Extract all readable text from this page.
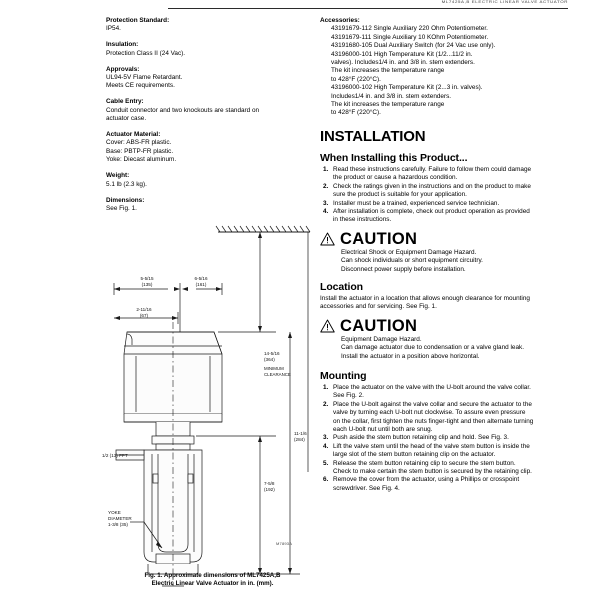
ML7425A,B ELECTRIC LINEAR VALVE ACTUATOR
Protection Standard:
IP54.
Insulation:
Protection Class II (24 Vac).
Approvals:
UL94-5V Flame Retardant.
Meets CE requirements.
Cable Entry:
Conduit connector and two knockouts are standard on
actuator case.
Actuator Material:
Cover: ABS-FR plastic.
Base: PBTP-FR plastic.
Yoke: Diecast aluminum.
Weight:
5.1 lb (2.3 kg).
Dimensions:
See Fig. 1.
Accessories:
43191679-112 Single Auxiliary 220 Ohm Potentiometer.
43191679-111 Single Auxiliary 10 KOhm Potentiometer.
43191680-105 Dual Auxiliary Switch (for 24 Vac use only).
43196000-101 High Temperature Kit (1/2...11/2 in.
valves). Includes1/4 in. and 3/8 in. stem extenders.
The kit increases the temperature range
to 428°F (220°C).
43196000-102 High Temperature Kit (2...3 in. valves).
Includes1/4 in. and 3/8 in. stem extenders.
The kit increases the temperature range
to 428°F (220°C).
INSTALLATION
When Installing this Product...
1. Read these instructions carefully. Failure to follow them could damage the product or cause a hazardous condition.
2. Check the ratings given in the instructions and on the product to make sure the product is suitable for your application.
3. Installer must be a trained, experienced service technician.
4. After installation is complete, check out product operation as provided in these instructions.
CAUTION
Electrical Shock or Equipment Damage Hazard.
Can shock individuals or short equipment circuitry.
Disconnect power supply before installation.
Location

Install the actuator in a location that allows enough clearance for mounting accessories and for servicing. See Fig. 1.

CAUTION
Equipment Damage Hazard.
Can damage actuator due to condensation or a valve gland leak.
Install the actuator in a position above horizontal.
Mounting
1. Place the actuator on the valve with the U-bolt around the valve collar. See Fig. 2.
2. Place the U-bolt against the valve collar and secure the actuator to the valve by turning each U-bolt nut clockwise. To assure even pressure on the collar, first tighten the nuts finger-tight and then alternate turning each U-bolt nut until both are snug.
3. Push aside the stem button retaining clip and hold. See Fig. 3.
4. Lift the valve stem until the head of the valve stem button is inside the large slot of the stem button retaining clip on the actuator.
5. Release the stem button retaining clip to secure the stem button. Check to make certain the stem button is secured by the retaining clip.
6. Remove the cover from the actuator, using a Phillips or crosspoint screwdriver. See Fig. 4.
5-5/15
(135)
6-5/16
(161)
2-11/16
(67)
14-5/16
(364)
MINIMUM
CLEARANCE
11-1/6
(284)
7-5/8
(192)
1/2 (13) FPT
YOKE
DIAMETER
1-3/8 (35)
M7893A
Fig. 1. Approximate dimensions of ML7425A,B
Electric Linear Valve Actuator in in. (mm).
